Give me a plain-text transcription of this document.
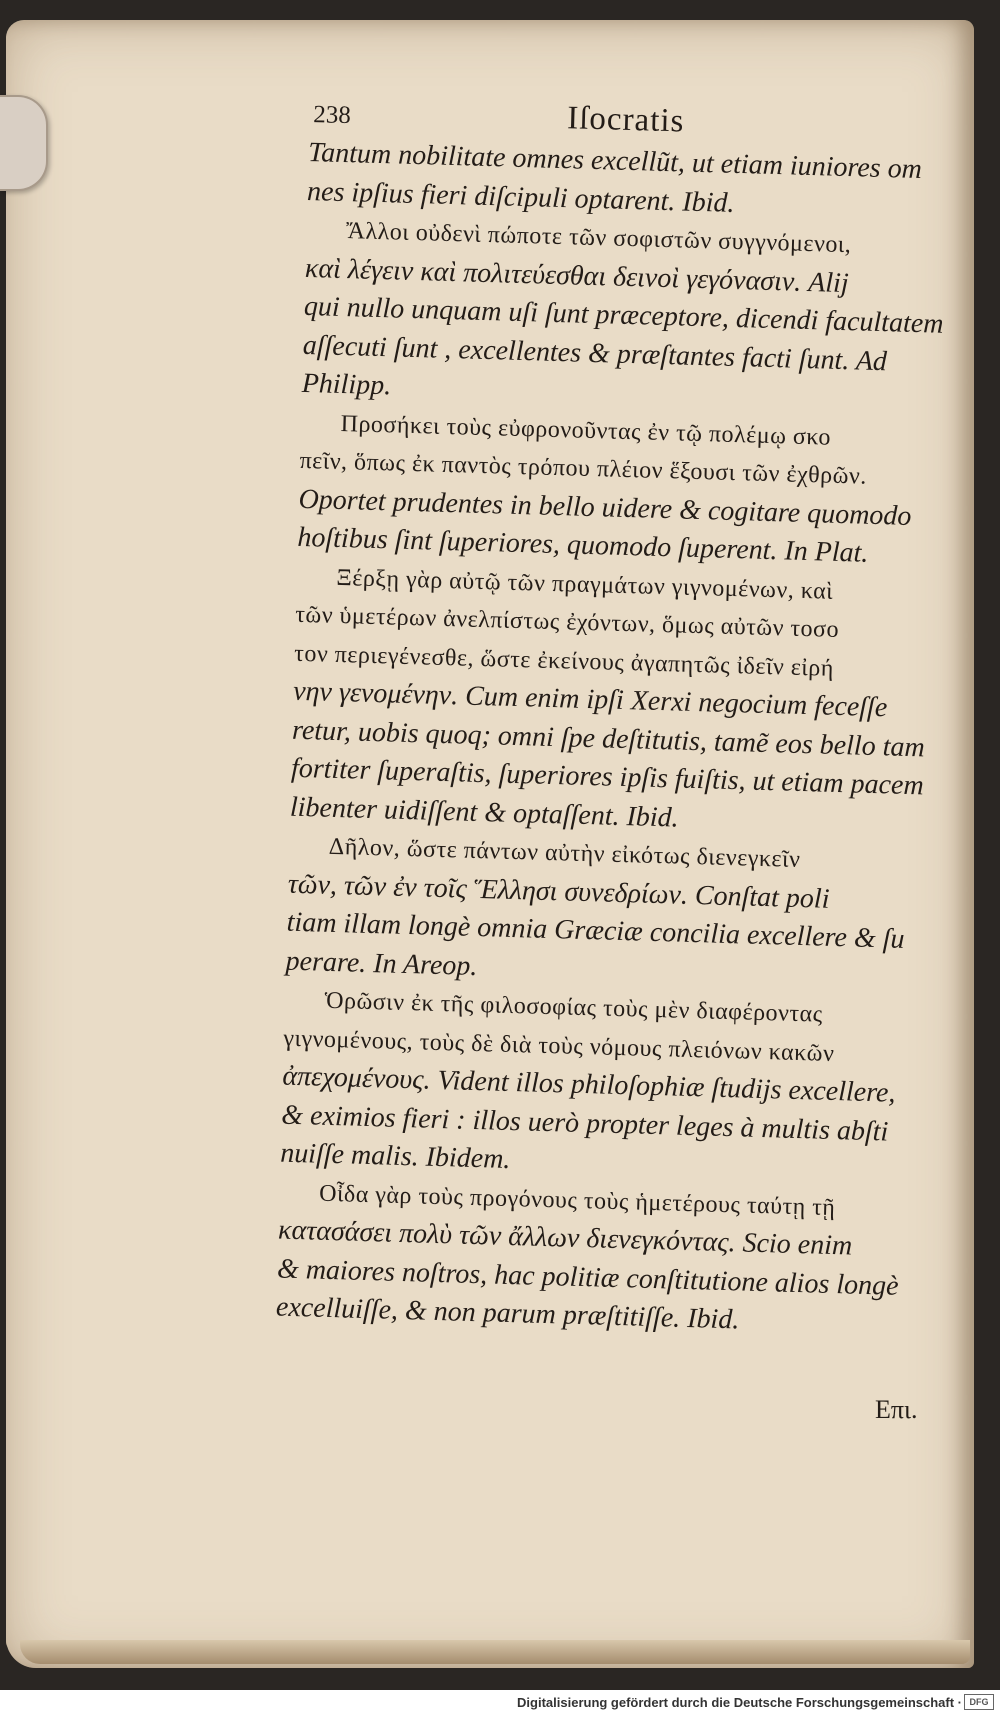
238	Iſocratis

Tantum nobilitate omnes excellũt, ut etiam iuniores om
nes ipſius fieri diſcipuli optarent. Ibid.

Ἄλλοι οὐδενὶ πώποτε τῶν σοφιστῶν συγγνόμενοι,
καὶ λέγειν καὶ πολιτεύεσθαι δεινοὶ γεγόνασιν. Alij
qui nullo unquam uſi ſunt præceptore, dicendi facultatem
aſſecuti ſunt , excellentes & præſtantes facti ſunt. Ad
Philipp.

Προσήκει τοὺς εὐφρονοῦντας ἐν τῷ πολέμῳ σκο
πεῖν, ὅπως ἐκ παντὸς τρόπου πλέιον ἕξουσι τῶν ἐχθρῶν.
Oportet prudentes in bello uidere & cogitare quomodo
hoſtibus ſint ſuperiores, quomodo ſuperent. In Plat.

Ξέρξῃ γὰρ αὐτῷ τῶν πραγμάτων γιγνομένων, καὶ
τῶν ὑμετέρων ἀνελπίστως ἐχόντων, ὅμως αὐτῶν τοσο
τον περιεγένεσθε, ὥστε ἐκείνους ἀγαπητῶς ἰδεῖν εἰρή
νην γενομένην. Cum enim ipſi Xerxi negocium feceſſe
retur, uobis quoq; omni ſpe deſtitutis, tamẽ eos bello tam
fortiter ſuperaſtis, ſuperiores ipſis fuiſtis, ut etiam pacem
libenter uidiſſent & optaſſent. Ibid.

Δῆλον, ὥστε πάντων αὐτὴν εἰκότως διενεγκεῖν
τῶν, τῶν ἐν τοῖς Ἕλλησι συνεδρίων. Conſtat poli
tiam illam longè omnia Græciæ concilia excellere & ſu
perare. In Areop.

Ὁρῶσιν ἐκ τῆς φιλοσοφίας τοὺς μὲν διαφέροντας
γιγνομένους, τοὺς δὲ διὰ τοὺς νόμους πλειόνων κακῶν
ἀπεχομένους. Vident illos philoſophiæ ſtudijs excellere,
& eximios fieri : illos uerò propter leges à multis abſti
nuiſſe malis. Ibidem.

Οἶδα γὰρ τοὺς προγόνους τοὺς ἡμετέρους ταύτῃ τῇ
κατασάσει πολὺ τῶν ἄλλων διενεγκόντας. Scio enim
& maiores noſtros, hac politiæ conſtitutione alios longè
excelluiſſe, & non parum præſtitiſſe. Ibid.

Επι.
Digitalisierung gefördert durch die Deutsche Forschungsgemeinschaft · DFG
